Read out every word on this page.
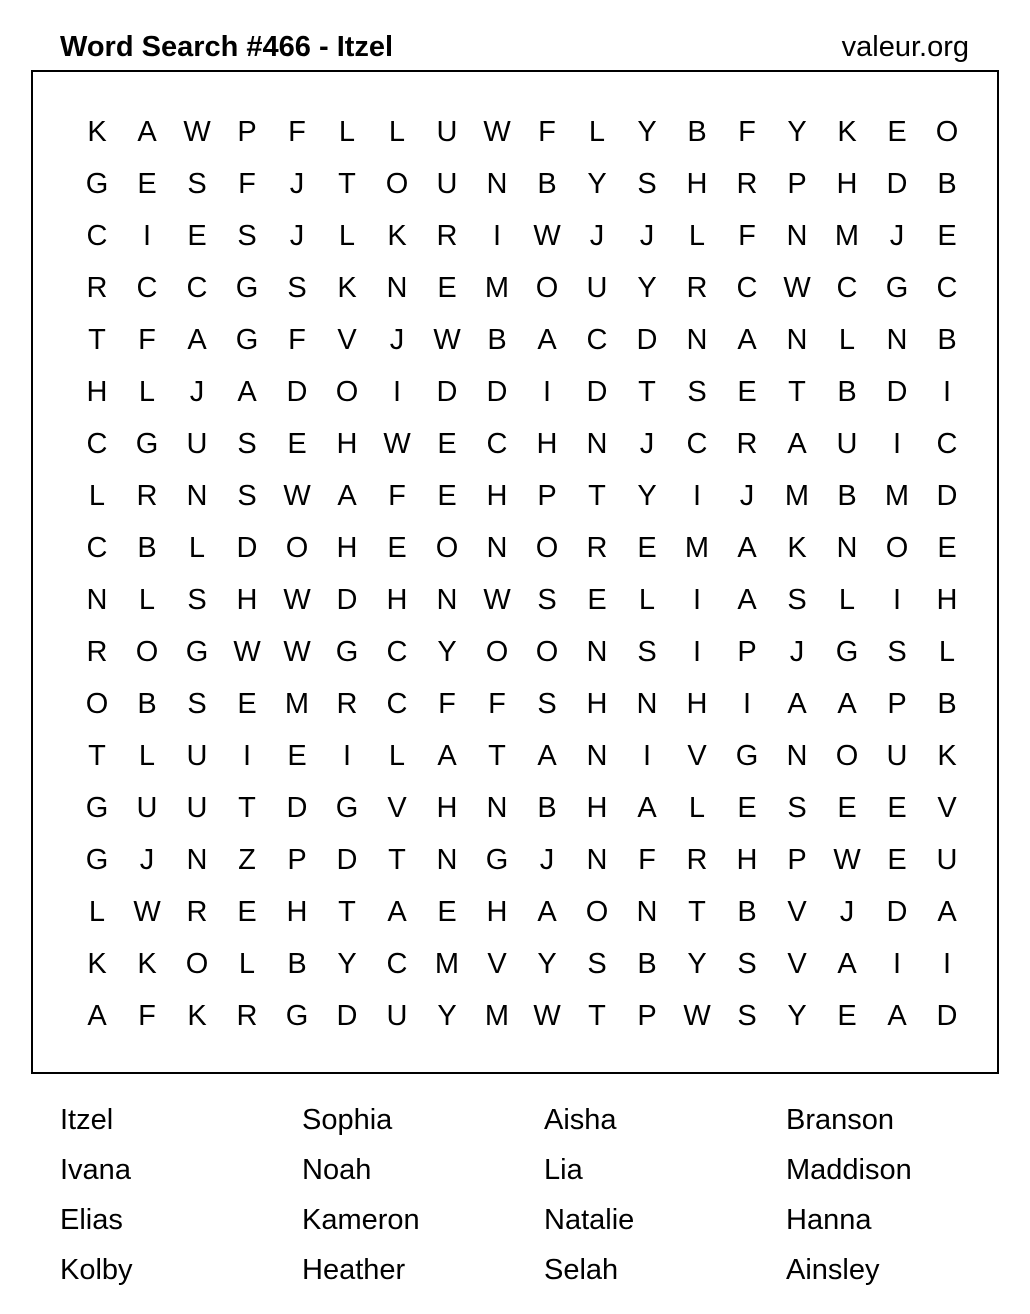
Word Search #466 - Itzel	valeur.org
K	A W P	F	L	L	U W F	L	Y	B	F	Y	K	E	O
G	E	S	F	J	T	O U	N	B	Y	S	H	R	P	H	D	B
C	I	E	S	J	L	K	R	I	W	J	J	L	F	N M	J	E
R	C	C G	S	K	N	E M O U	Y	R	C W C G C
T	F	A	G	F	V	J	W B	A	C	D	N	A	N	L	N	B
H	L	J	A	D O	I	D	D	I	D	T	S	E	T	B	D	I
C G U	S	E	H W E	C	H	N	J	C	R	A	U	I	C
L	R	N	S W A	F	E	H	P	T	Y	I	J	M B M D
C	B	L	D O H	E	O N O R	E M A	K	N O	E
N	L	S	H W D	H	N W S	E	L	I	A	S	L	I	H
R O G W W G C	Y	O O N	S	I	P	J	G	S	L
O	B	S	E M R	C	F	F	S	H	N	H	I	A	A	P	B
T	L	U	I	E	I	L	A	T	A	N	I	V	G N O U	K
G U	U	T	D G	V	H	N	B	H	A	L	E	S	E	E	V
G	J	N	Z	P	D	T	N G	J	N	F	R	H	P W E	U
L W R	E	H	T	A	E	H	A	O N	T	B	V	J	D	A
K	K	O	L	B	Y	C M V	Y	S	B	Y	S	V	A	I	I
A	F	K	R G D	U	Y M W T	P W S	Y	E	A	D
Itzel	Sophia	Aisha	Branson
Ivana	Noah	Lia	Maddison
Elias	Kameron	Natalie	Hanna
Kolby	Heather	Selah	Ainsley
